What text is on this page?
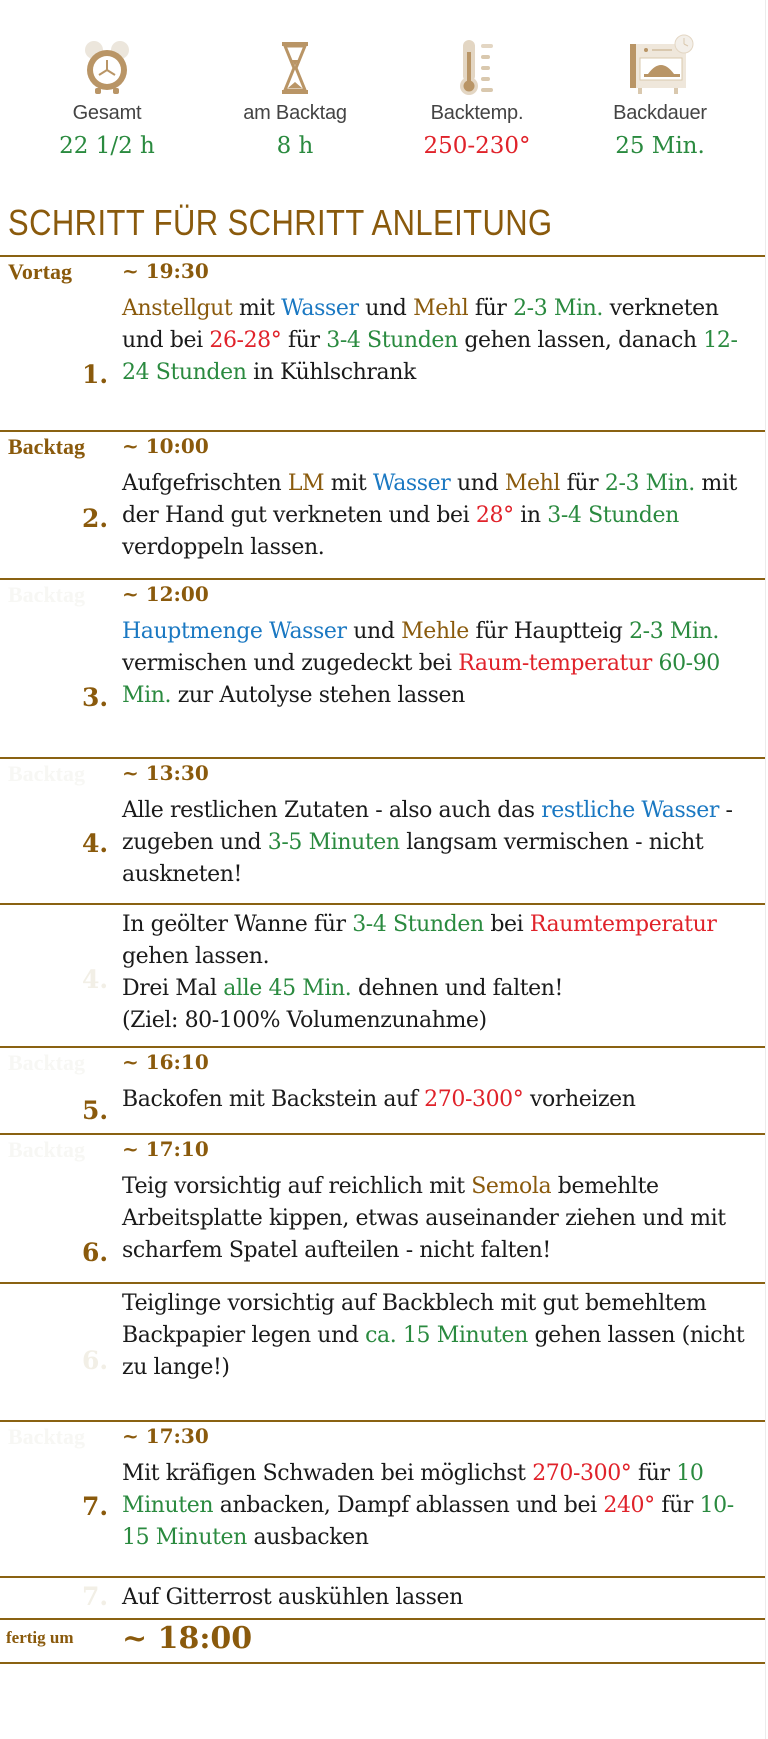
Gesamt
22 1/2 h
am Backtag
8 h
Backtemp.
250-230°
Backdauer
25 Min.
SCHRITT FÜR SCHRITT ANLEITUNG
Vortag	~ 19:30
1.
Anstellgut mit Wasser und Mehl für 2-3 Min. verkneten und bei 26-28° für 3-4 Stunden gehen lassen, danach 12-24 Stunden in Kühlschrank
Backtag ~ 10:00
2.
Aufgefrischten LM mit Wasser und Mehl für 2-3 Min. mit der Hand gut verkneten und bei 28° in 3-4 Stunden verdoppeln lassen.
Backtag ~ 12:00
3.
Hauptmenge Wasser und Mehle für Hauptteig 2-3 Min. vermischen und zugedeckt bei Raum-temperatur 60-90 Min. zur Autolyse stehen lassen
Backtag ~ 13:30
4.
Alle restlichen Zutaten - also auch das restliche Wasser - zugeben und 3-5 Minuten langsam vermischen - nicht auskneten!
4.
In geölter Wanne für 3-4 Stunden bei Raumtemperatur gehen lassen.
Drei Mal alle 45 Min. dehnen und falten!
(Ziel: 80-100% Volumenzunahme)
Backtag ~ 16:10
5. Backofen mit Backstein auf 270-300° vorheizen
Backtag ~ 17:10
6.
Teig vorsichtig auf reichlich mit Semola bemehlte Arbeitsplatte kippen, etwas auseinander ziehen und mit scharfem Spatel aufteilen - nicht falten!
6.
Teiglinge vorsichtig auf Backblech mit gut bemehltem Backpapier legen und ca. 15 Minuten gehen lassen (nicht zu lange!)
Backtag ~ 17:30
7.
Mit kräfigen Schwaden bei möglichst 270-300° für 10 Minuten anbacken, Dampf ablassen und bei 240° für 10-15 Minuten ausbacken
7. Auf Gitterrost auskühlen lassen
fertig um ~ 18:00
